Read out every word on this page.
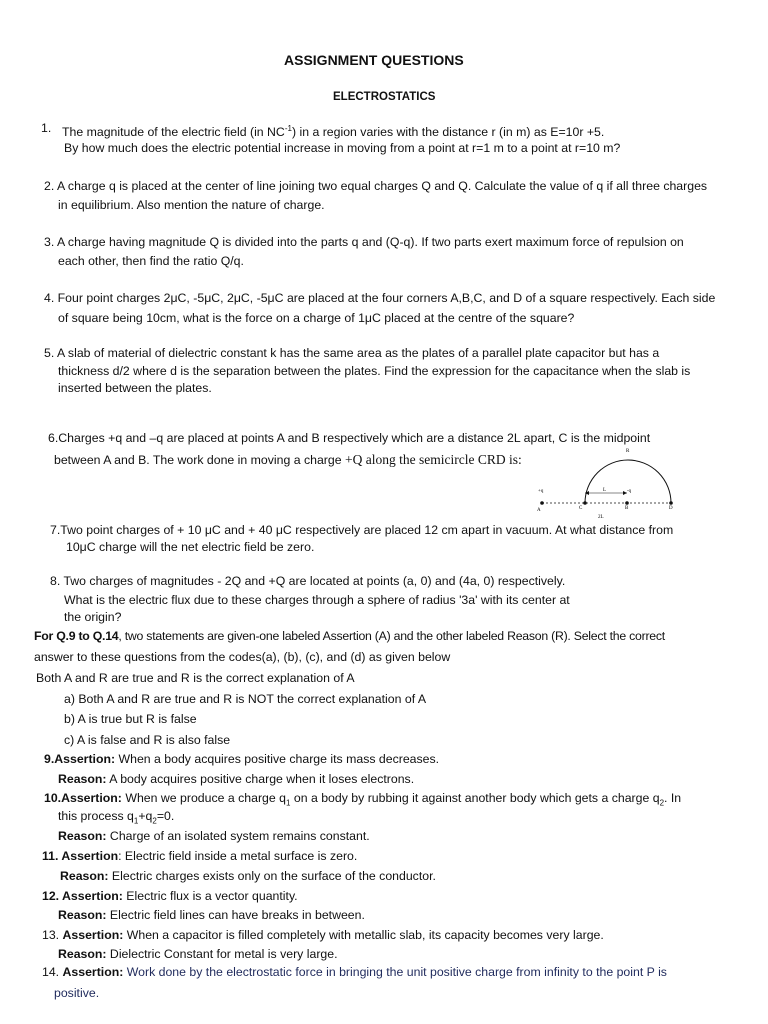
ASSIGNMENT QUESTIONS
ELECTROSTATICS
1. The magnitude of the electric field (in $NC^{-1}$) in a region varies with the distance r (in m) as E=10r +5.
By how much does the electric potential increase in moving from a point at r=1 m to a point at r=10 m?
2. A charge q is placed at the center of line joining two equal charges Q and Q. Calculate the value of q if all three charges
in equilibrium. Also mention the nature of charge.
3. A charge having magnitude Q is divided into the parts q and (Q-q). If two parts exert maximum force of repulsion on
each other, then find the ratio Q/q.
4. Four point charges 2μC, -5μC, 2μC, -5μC are placed at the four corners A,B,C, and D of a square respectively. Each side
of square being 10cm, what is the force on a charge of 1μC placed at the centre of the square?
5. A slab of material of dielectric constant k has the same area as the plates of a parallel plate capacitor but has a
thickness d/2 where d is the separation between the plates. Find the expression for the capacitance when the slab is
inserted between the plates.
6.Charges +q and –q are placed at points A and B respectively which are a distance 2L apart, C is the midpoint
between A and B. The work done in moving a charge +Q along the semicircle CRD is:
R
+q	-q
L
A	C	B	D
2L
7.Two point charges of + 10 μC and + 40 μC respectively are placed 12 cm apart in vacuum. At what distance from
10μC charge will the net electric field be zero.
8. Two charges of magnitudes - 2Q and +Q are located at points (a, 0) and (4a, 0) respectively.
What is the electric flux due to these charges through a sphere of radius '3a' with its center at
the origin?
For Q.9 to Q.14, two statements are given-one labeled Assertion (A) and the other labeled Reason (R). Select the correct
answer to these questions from the codes(a), (b), (c), and (d) as given below
Both A and R are true and R is the correct explanation of A
a) Both A and R are true and R is NOT the correct explanation of A
b) A is true but R is false
c) A is false and R is also false
9.Assertion: When a body acquires positive charge its mass decreases.
Reason: A body acquires positive charge when it loses electrons.
10.Assertion: When we produce a charge $q_1$ on a body by rubbing it against another body which gets a charge $q_2$. In
this process $q_1+q_2=0$.
Reason: Charge of an isolated system remains constant.
11. Assertion: Electric field inside a metal surface is zero.
Reason: Electric charges exists only on the surface of the conductor.
12. Assertion: Electric flux is a vector quantity.
Reason: Electric field lines can have breaks in between.
13. Assertion: When a capacitor is filled completely with metallic slab, its capacity becomes very large.
Reason: Dielectric Constant for metal is very large.
14. Assertion: Work done by the electrostatic force in bringing the unit positive charge from infinity to the point P is
positive.
